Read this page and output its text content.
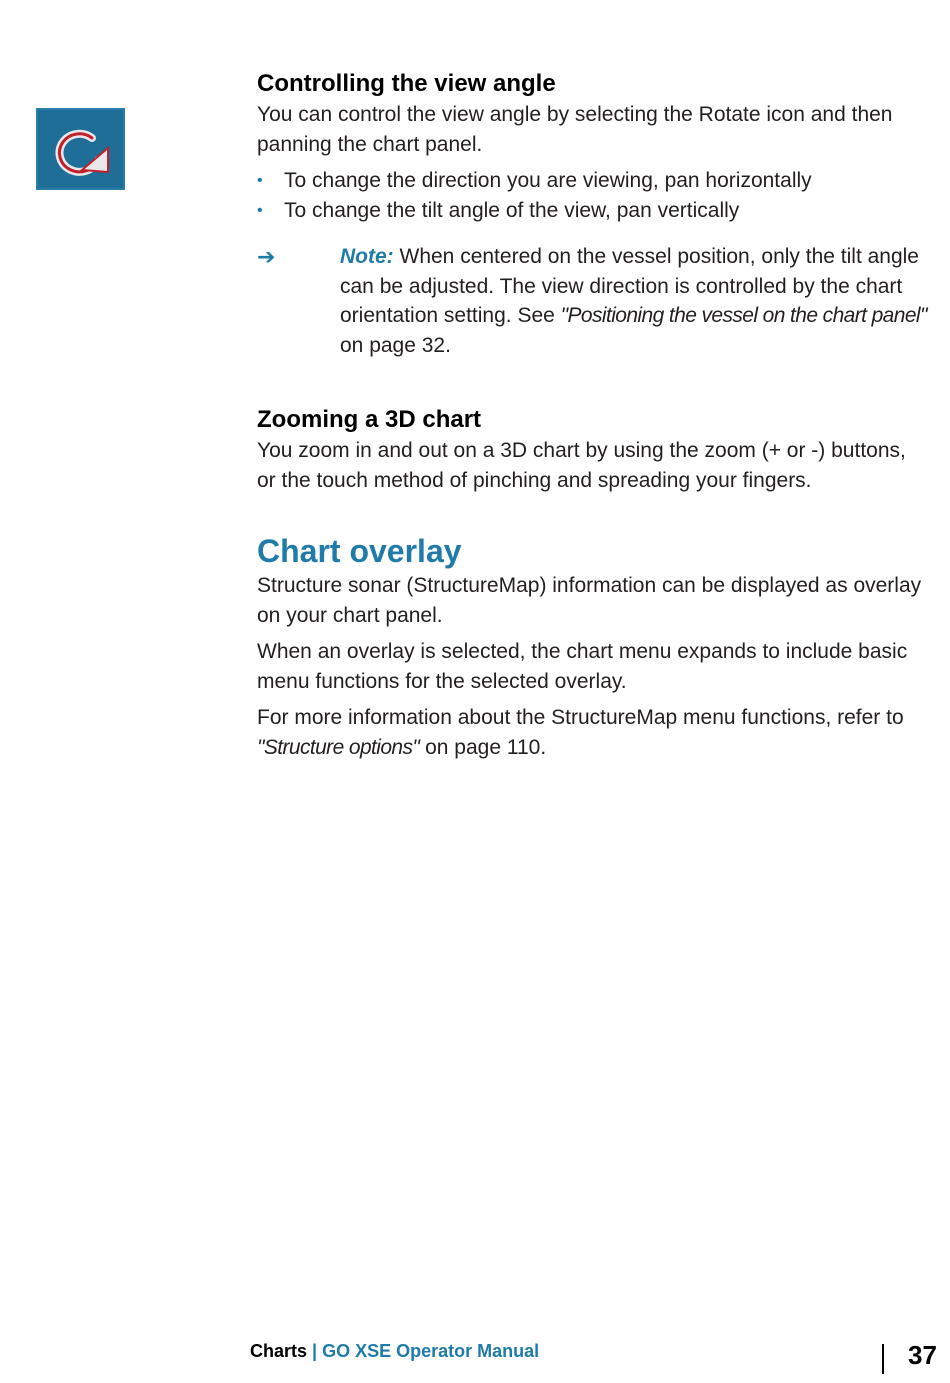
Controlling the view angle

You can control the view angle by selecting the Rotate icon and then panning the chart panel.

• To change the direction you are viewing, pan horizontally
• To change the tilt angle of the view, pan vertically
➔	Note: When centered on the vessel position, only the tilt angle can be adjusted. The view direction is controlled by the chart orientation setting. See "Positioning the vessel on the chart panel" on page 32.

Zooming a 3D chart

You zoom in and out on a 3D chart by using the zoom (+ or -) buttons, or the touch method of pinching and spreading your fingers.

Chart overlay

Structure sonar (StructureMap) information can be displayed as overlay on your chart panel.

When an overlay is selected, the chart menu expands to include basic menu functions for the selected overlay.

For more information about the StructureMap menu functions, refer to "Structure options" on page 110.

Charts | GO XSE Operator Manual	37
